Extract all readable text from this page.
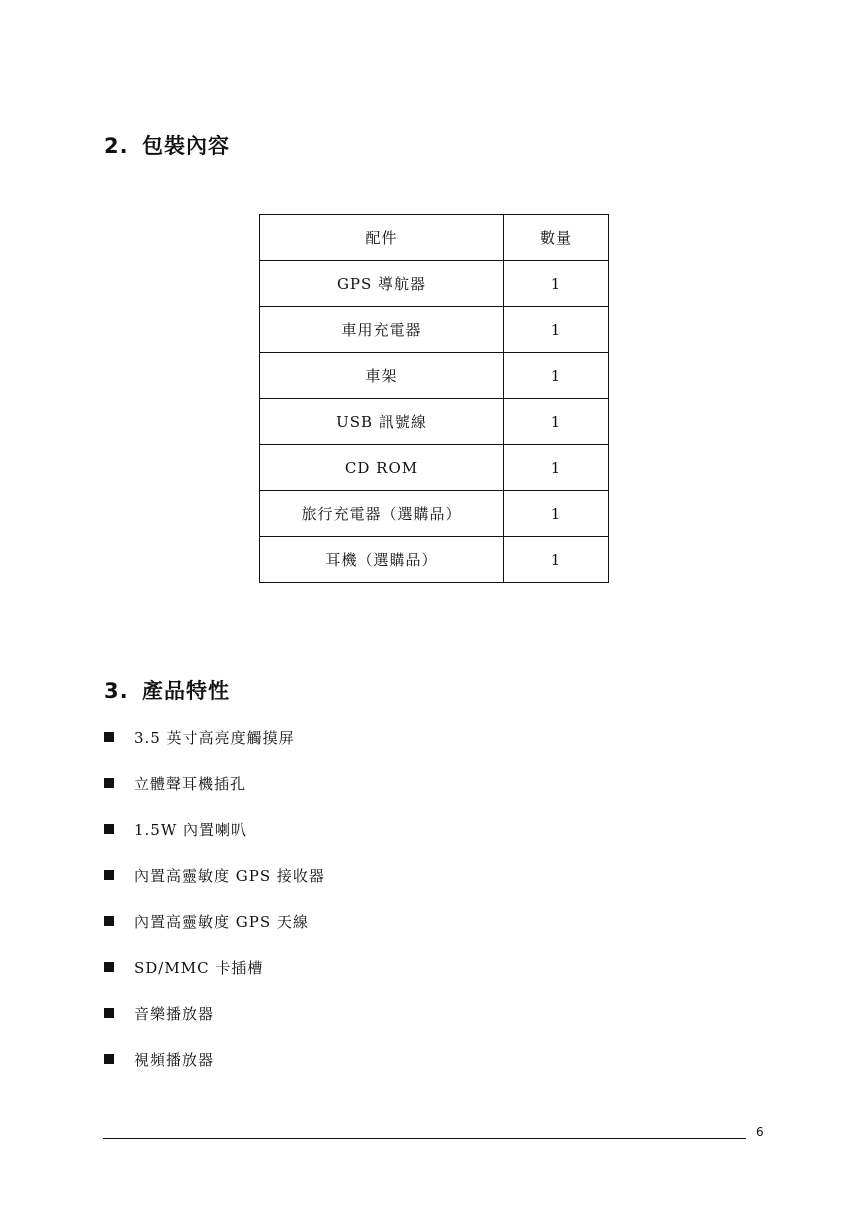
2. 包裝內容
配件	數量
GPS 導航器	1
車用充電器	1
車架	1
USB 訊號線	1
CD ROM	1
旅行充電器（選購品）	1
耳機（選購品）	1
3. 產品特性
3.5 英寸高亮度觸摸屏
立體聲耳機插孔
1.5W 內置喇叭
內置高靈敏度 GPS 接收器
內置高靈敏度 GPS 天線
SD/MMC 卡插槽
音樂播放器
視頻播放器
6
